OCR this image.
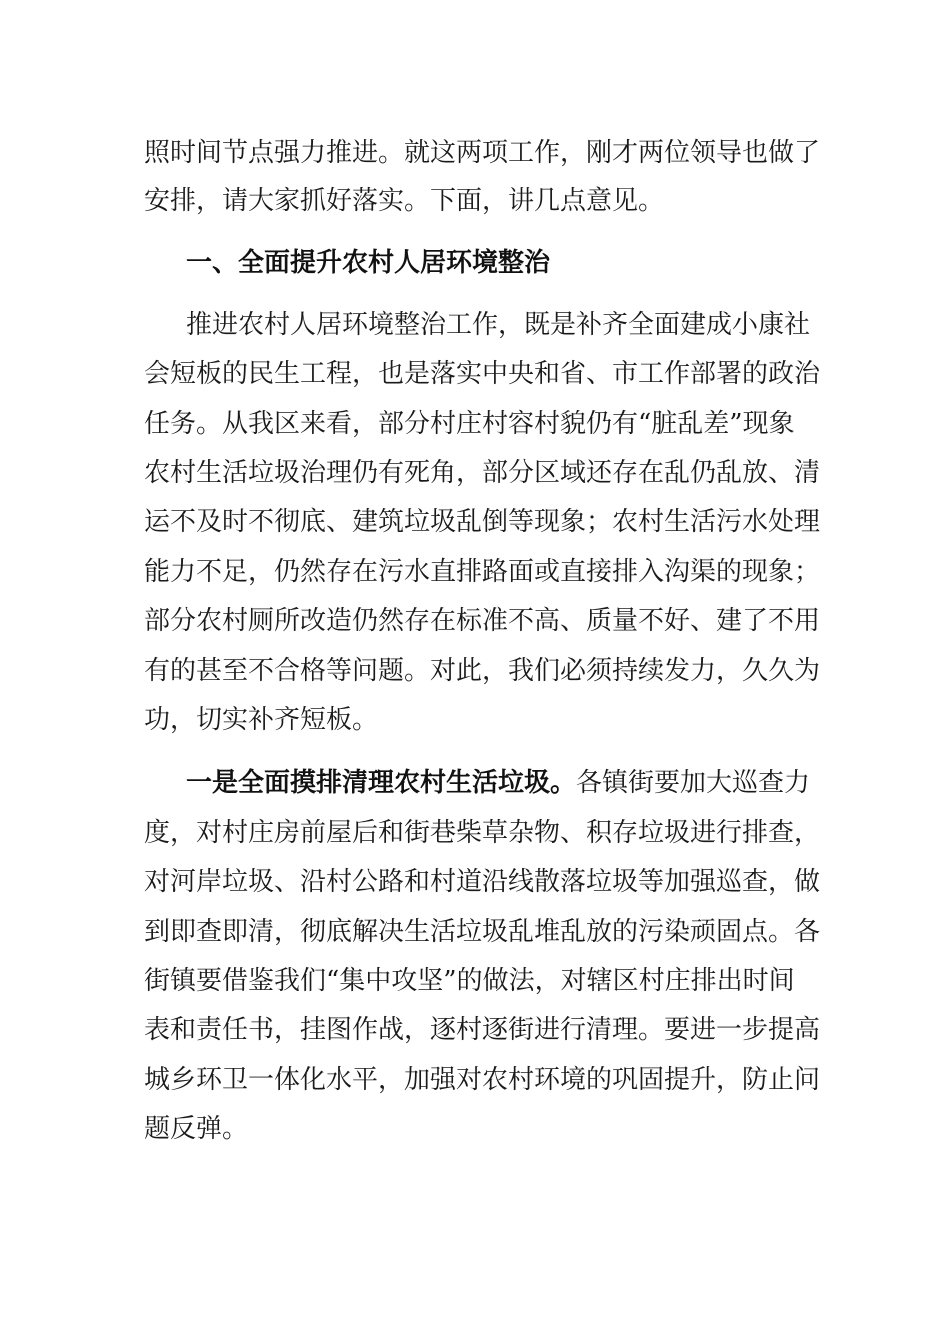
照时间节点强力推进。就这两项工作，刚才两位领导也做了
安排，请大家抓好落实。下面，讲几点意见。
一、全面提升农村人居环境整治
推进农村人居环境整治工作，既是补齐全面建成小康社
会短板的民生工程，也是落实中央和省、市工作部署的政治
任务。从我区来看，部分村庄村容村貌仍有“脏乱差”现象
农村生活垃圾治理仍有死角，部分区域还存在乱仍乱放、清
运不及时不彻底、建筑垃圾乱倒等现象；农村生活污水处理
能力不足，仍然存在污水直排路面或直接排入沟渠的现象；
部分农村厕所改造仍然存在标准不高、质量不好、建了不用
有的甚至不合格等问题。对此，我们必须持续发力，久久为
功，切实补齐短板。
一是全面摸排清理农村生活垃圾。各镇街要加大巡查力
度，对村庄房前屋后和街巷柴草杂物、积存垃圾进行排查，
对河岸垃圾、沿村公路和村道沿线散落垃圾等加强巡查，做
到即查即清，彻底解决生活垃圾乱堆乱放的污染顽固点。各
街镇要借鉴我们“集中攻坚”的做法，对辖区村庄排出时间
表和责任书，挂图作战，逐村逐街进行清理。要进一步提高
城乡环卫一体化水平，加强对农村环境的巩固提升，防止问
题反弹。
